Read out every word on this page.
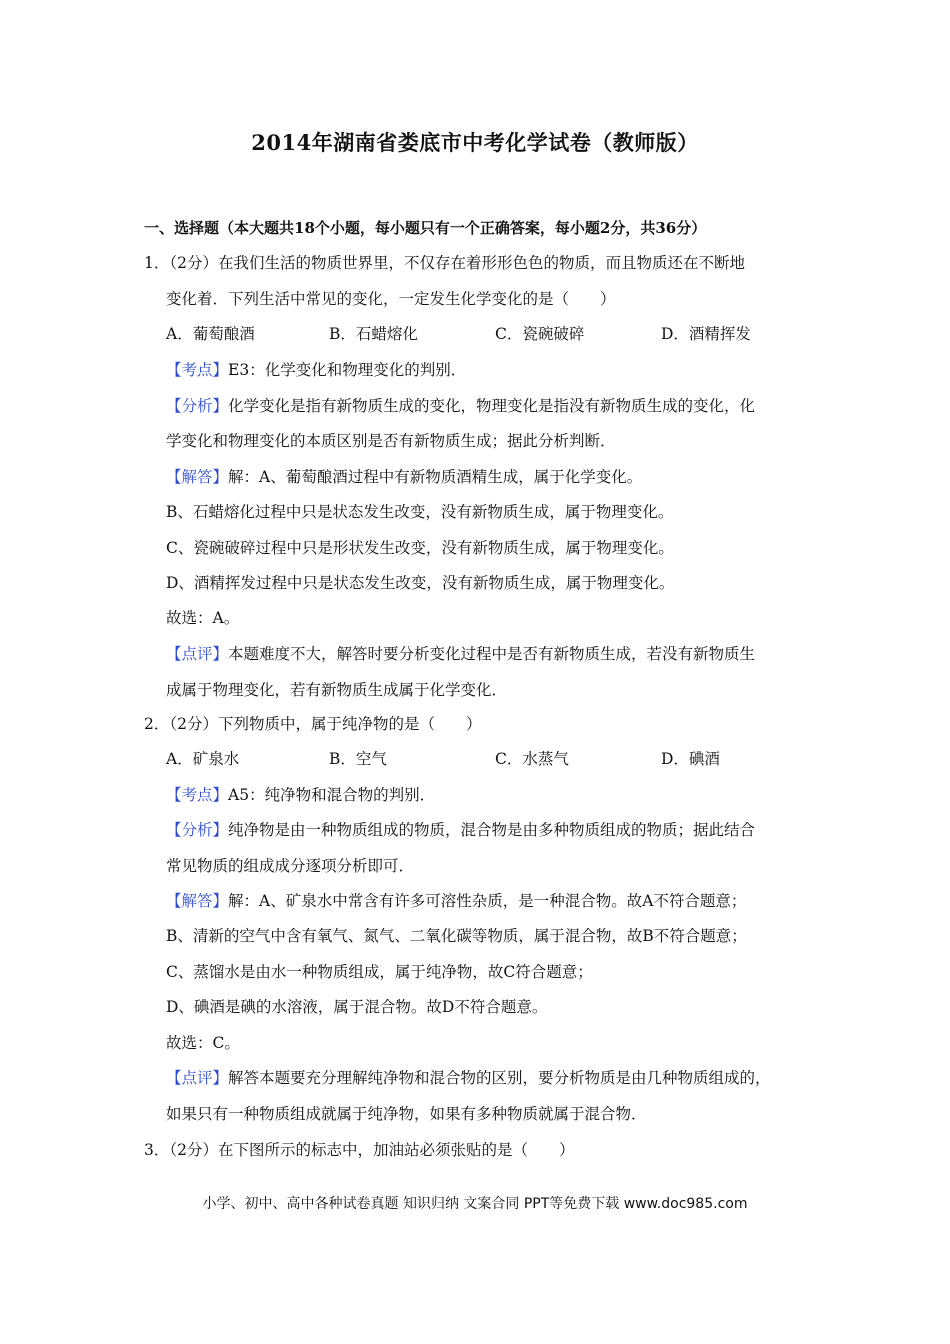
2014年湖南省娄底市中考化学试卷（教师版）
一、选择题（本大题共18个小题，每小题只有一个正确答案，每小题2分，共36分）
1．（2分）在我们生活的物质世界里，不仅存在着形形色色的物质，而且物质还在不断地
变化着．下列生活中常见的变化，一定发生化学变化的是（　　）
A．葡萄酿酒	B．石蜡熔化	C．瓷碗破碎	D．酒精挥发
【考点】E3：化学变化和物理变化的判别．
【分析】化学变化是指有新物质生成的变化，物理变化是指没有新物质生成的变化，化
学变化和物理变化的本质区别是否有新物质生成；据此分析判断．
【解答】解：A、葡萄酿酒过程中有新物质酒精生成，属于化学变化。
B、石蜡熔化过程中只是状态发生改变，没有新物质生成，属于物理变化。
C、瓷碗破碎过程中只是形状发生改变，没有新物质生成，属于物理变化。
D、酒精挥发过程中只是状态发生改变，没有新物质生成，属于物理变化。
故选：A。
【点评】本题难度不大，解答时要分析变化过程中是否有新物质生成，若没有新物质生
成属于物理变化，若有新物质生成属于化学变化．
2．（2分）下列物质中，属于纯净物的是（　　）
A．矿泉水	B．空气	C．水蒸气	D．碘酒
【考点】A5：纯净物和混合物的判别．
【分析】纯净物是由一种物质组成的物质，混合物是由多种物质组成的物质；据此结合
常见物质的组成成分逐项分析即可．
【解答】解：A、矿泉水中常含有许多可溶性杂质，是一种混合物。故A不符合题意；
B、清新的空气中含有氧气、氮气、二氧化碳等物质，属于混合物，故B不符合题意；
C、蒸馏水是由水一种物质组成，属于纯净物，故C符合题意；
D、碘酒是碘的水溶液，属于混合物。故D不符合题意。
故选：C。
【点评】解答本题要充分理解纯净物和混合物的区别，要分析物质是由几种物质组成的，
如果只有一种物质组成就属于纯净物，如果有多种物质就属于混合物．
3．（2分）在下图所示的标志中，加油站必须张贴的是（　　）
小学、初中、高中各种试卷真题 知识归纳 文案合同 PPT等免费下载 www.doc985.com
